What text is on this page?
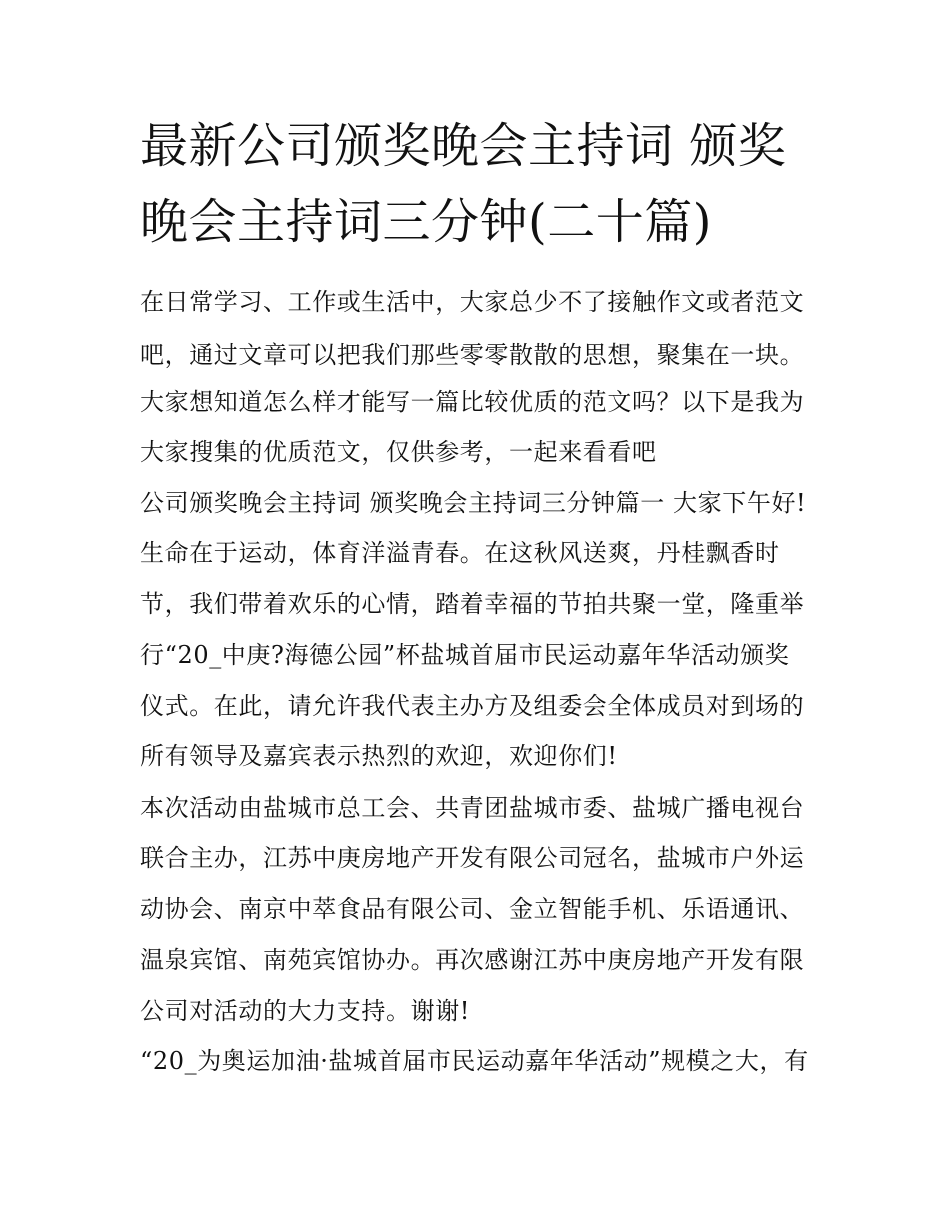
最新公司颁奖晚会主持词 颁奖
晚会主持词三分钟(二十篇)
在日常学习、工作或生活中，大家总少不了接触作文或者范文
吧，通过文章可以把我们那些零零散散的思想，聚集在一块。
大家想知道怎么样才能写一篇比较优质的范文吗？以下是我为
大家搜集的优质范文，仅供参考，一起来看看吧
公司颁奖晚会主持词 颁奖晚会主持词三分钟篇一 大家下午好!
生命在于运动，体育洋溢青春。在这秋风送爽，丹桂飘香时
节，我们带着欢乐的心情，踏着幸福的节拍共聚一堂，隆重举
行“20_中庚?海德公园”杯盐城首届市民运动嘉年华活动颁奖
仪式。在此，请允许我代表主办方及组委会全体成员对到场的
所有领导及嘉宾表示热烈的欢迎，欢迎你们!
本次活动由盐城市总工会、共青团盐城市委、盐城广播电视台
联合主办，江苏中庚房地产开发有限公司冠名，盐城市户外运
动协会、南京中萃食品有限公司、金立智能手机、乐语通讯、
温泉宾馆、南苑宾馆协办。再次感谢江苏中庚房地产开发有限
公司对活动的大力支持。谢谢!
“20_为奥运加油·盐城首届市民运动嘉年华活动”规模之大，有
